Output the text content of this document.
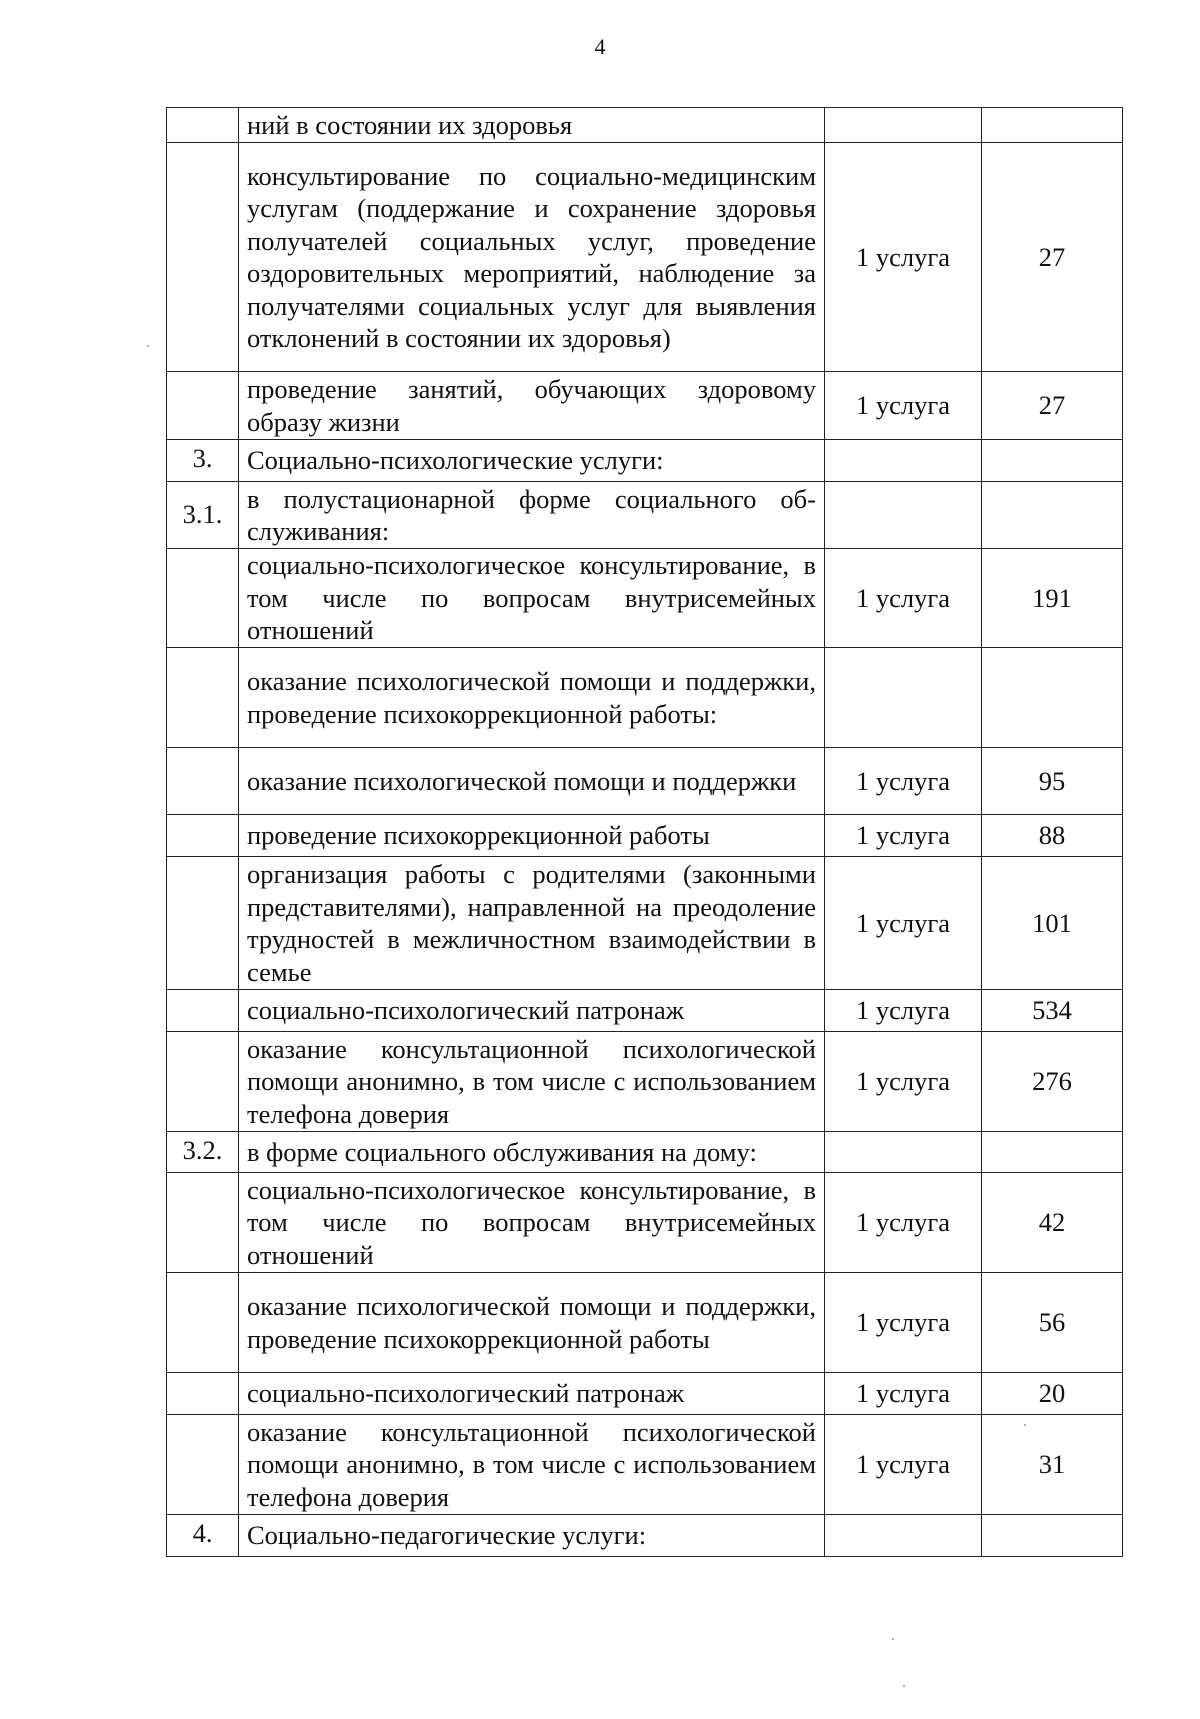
4
	ний в состоянии их здоровья		
	консультирование по социально-медицинским услугам (поддержание и сохранение здоровья получателей социальных услуг, проведение оздоровительных мероприятий, наблюдение за получателями социальных услуг для выявления отклонений в состоянии их здоровья)	1 услуга	27
	проведение занятий, обучающих здоровому образу жизни	1 услуга	27
3.	Социально-психологические услуги:		
3.1.	в полустационарной форме социального обслуживания:		
	социально-психологическое консультирование, в том числе по вопросам внутрисемейных отношений	1 услуга	191
	оказание психологической помощи и поддержки, проведение психокоррекционной работы:		
	оказание психологической помощи и поддержки	1 услуга	95
	проведение психокоррекционной работы	1 услуга	88
	организация работы с родителями (законными представителями), направленной на преодоление трудностей в межличностном взаимодействии в семье	1 услуга	101
	социально-психологический патронаж	1 услуга	534
	оказание консультационной психологической помощи анонимно, в том числе с использованием телефона доверия	1 услуга	276
3.2.	в форме социального обслуживания на дому:		
	социально-психологическое консультирование, в том числе по вопросам внутрисемейных отношений	1 услуга	42
	оказание психологической помощи и поддержки, проведение психокоррекционной работы	1 услуга	56
	социально-психологический патронаж	1 услуга	20
	оказание консультационной психологической помощи анонимно, в том числе с использованием телефона доверия	1 услуга	31
4.	Социально-педагогические услуги:		
